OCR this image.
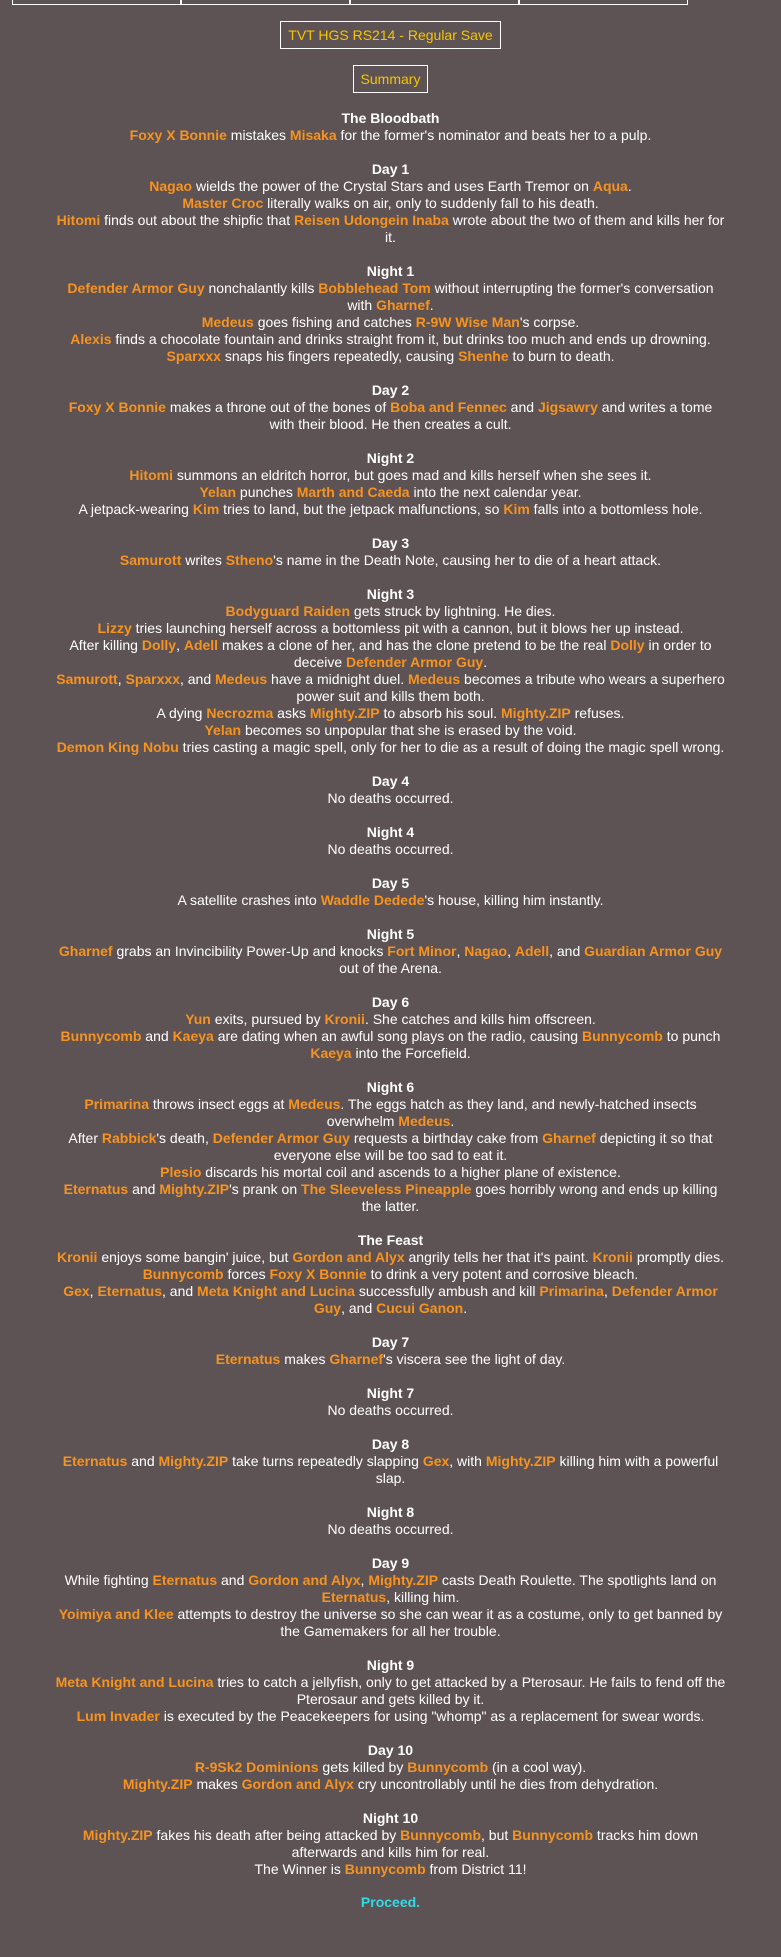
TVT HGS RS214 - Regular Save
Summary
The Bloodbath
Foxy X Bonnie mistakes Misaka for the former's nominator and beats her to a pulp.
Day 1
Nagao wields the power of the Crystal Stars and uses Earth Tremor on Aqua.
Master Croc literally walks on air, only to suddenly fall to his death.
Hitomi finds out about the shipfic that Reisen Udongein Inaba wrote about the two of them and kills her for it.
Night 1
Defender Armor Guy nonchalantly kills Bobblehead Tom without interrupting the former's conversation with Gharnef.
Medeus goes fishing and catches R-9W Wise Man's corpse.
Alexis finds a chocolate fountain and drinks straight from it, but drinks too much and ends up drowning.
Sparxxx snaps his fingers repeatedly, causing Shenhe to burn to death.
Day 2
Foxy X Bonnie makes a throne out of the bones of Boba and Fennec and Jigsawry and writes a tome with their blood. He then creates a cult.
Night 2
Hitomi summons an eldritch horror, but goes mad and kills herself when she sees it.
Yelan punches Marth and Caeda into the next calendar year.
A jetpack-wearing Kim tries to land, but the jetpack malfunctions, so Kim falls into a bottomless hole.
Day 3
Samurott writes Stheno's name in the Death Note, causing her to die of a heart attack.
Night 3
Bodyguard Raiden gets struck by lightning. He dies.
Lizzy tries launching herself across a bottomless pit with a cannon, but it blows her up instead.
After killing Dolly, Adell makes a clone of her, and has the clone pretend to be the real Dolly in order to deceive Defender Armor Guy.
Samurott, Sparxxx, and Medeus have a midnight duel. Medeus becomes a tribute who wears a superhero power suit and kills them both.
A dying Necrozma asks Mighty.ZIP to absorb his soul. Mighty.ZIP refuses.
Yelan becomes so unpopular that she is erased by the void.
Demon King Nobu tries casting a magic spell, only for her to die as a result of doing the magic spell wrong.
Day 4
No deaths occurred.
Night 4
No deaths occurred.
Day 5
A satellite crashes into Waddle Dedede's house, killing him instantly.
Night 5
Gharnef grabs an Invincibility Power-Up and knocks Fort Minor, Nagao, Adell, and Guardian Armor Guy out of the Arena.
Day 6
Yun exits, pursued by Kronii. She catches and kills him offscreen.
Bunnycomb and Kaeya are dating when an awful song plays on the radio, causing Bunnycomb to punch Kaeya into the Forcefield.
Night 6
Primarina throws insect eggs at Medeus. The eggs hatch as they land, and newly-hatched insects overwhelm Medeus.
After Rabbick's death, Defender Armor Guy requests a birthday cake from Gharnef depicting it so that everyone else will be too sad to eat it.
Plesio discards his mortal coil and ascends to a higher plane of existence.
Eternatus and Mighty.ZIP's prank on The Sleeveless Pineapple goes horribly wrong and ends up killing the latter.
The Feast
Kronii enjoys some bangin' juice, but Gordon and Alyx angrily tells her that it's paint. Kronii promptly dies.
Bunnycomb forces Foxy X Bonnie to drink a very potent and corrosive bleach.
Gex, Eternatus, and Meta Knight and Lucina successfully ambush and kill Primarina, Defender Armor Guy, and Cucui Ganon.
Day 7
Eternatus makes Gharnef's viscera see the light of day.
Night 7
No deaths occurred.
Day 8
Eternatus and Mighty.ZIP take turns repeatedly slapping Gex, with Mighty.ZIP killing him with a powerful slap.
Night 8
No deaths occurred.
Day 9
While fighting Eternatus and Gordon and Alyx, Mighty.ZIP casts Death Roulette. The spotlights land on Eternatus, killing him.
Yoimiya and Klee attempts to destroy the universe so she can wear it as a costume, only to get banned by the Gamemakers for all her trouble.
Night 9
Meta Knight and Lucina tries to catch a jellyfish, only to get attacked by a Pterosaur. He fails to fend off the Pterosaur and gets killed by it.
Lum Invader is executed by the Peacekeepers for using "whomp" as a replacement for swear words.
Day 10
R-9Sk2 Dominions gets killed by Bunnycomb (in a cool way).
Mighty.ZIP makes Gordon and Alyx cry uncontrollably until he dies from dehydration.
Night 10
Mighty.ZIP fakes his death after being attacked by Bunnycomb, but Bunnycomb tracks him down afterwards and kills him for real.
The Winner is Bunnycomb from District 11!
Proceed.
